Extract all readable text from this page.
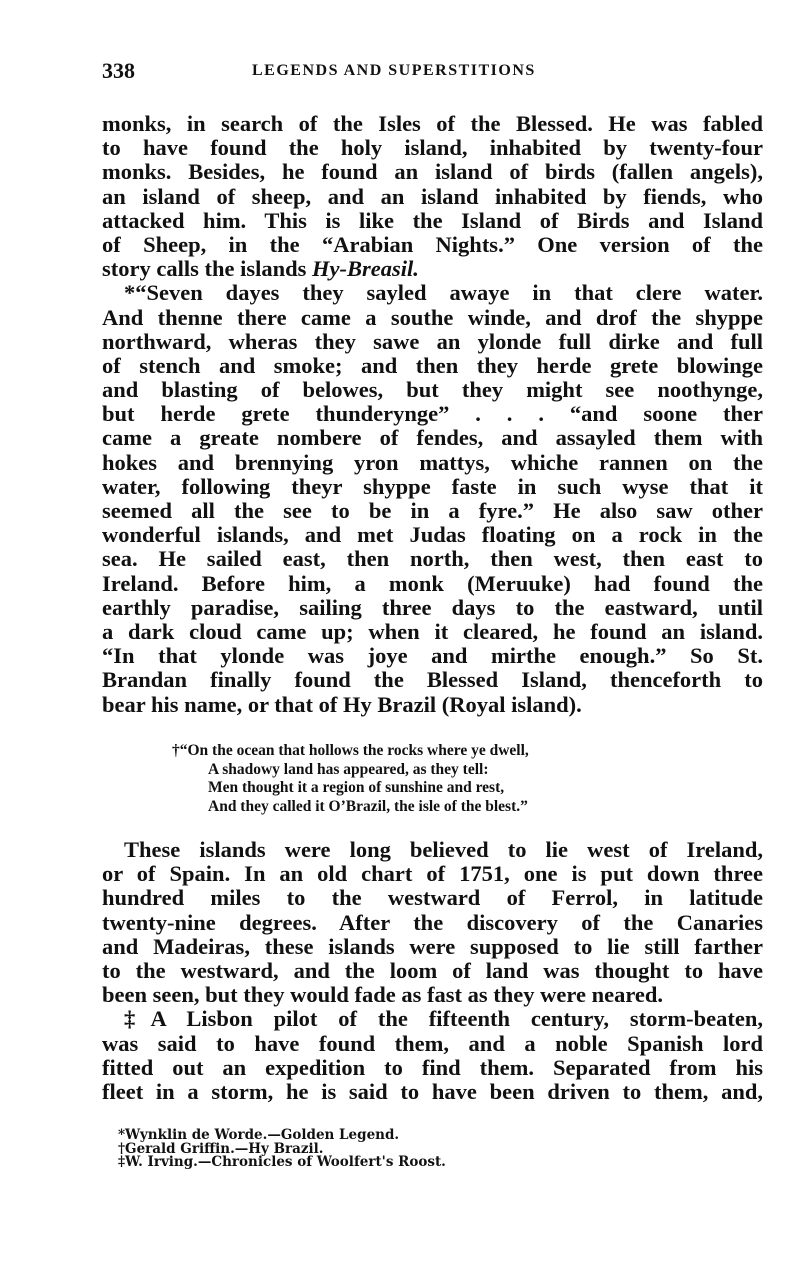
338	LEGENDS AND SUPERSTITIONS
monks, in search of the Isles of the Blessed. He was fabled
to have found the holy island, inhabited by twenty-four
monks. Besides, he found an island of birds (fallen angels),
an island of sheep, and an island inhabited by fiends, who
attacked him. This is like the Island of Birds and Island
of Sheep, in the “Arabian Nights.” One version of the
story calls the islands Hy-Breasil.
*“Seven dayes they sayled awaye in that clere water.
And thenne there came a southe winde, and drof the shyppe
northward, wheras they sawe an ylonde full dirke and full
of stench and smoke; and then they herde grete blowinge
and blasting of belowes, but they might see noothynge,
but herde grete thunderynge” . . . “and soone ther
came a greate nombere of fendes, and assayled them with
hokes and brennying yron mattys, whiche rannen on the
water, following theyr shyppe faste in such wyse that it
seemed all the see to be in a fyre.” He also saw other
wonderful islands, and met Judas floating on a rock in the
sea. He sailed east, then north, then west, then east to
Ireland. Before him, a monk (Meruuke) had found the
earthly paradise, sailing three days to the eastward, until
a dark cloud came up; when it cleared, he found an island.
“In that ylonde was joye and mirthe enough.” So St.
Brandan finally found the Blessed Island, thenceforth to
bear his name, or that of Hy Brazil (Royal island).
†“On the ocean that hollows the rocks where ye dwell,
A shadowy land has appeared, as they tell:
Men thought it a region of sunshine and rest,
And they called it O’Brazil, the isle of the blest.”
These islands were long believed to lie west of Ireland,
or of Spain. In an old chart of 1751, one is put down three
hundred miles to the westward of Ferrol, in latitude
twenty-nine degrees. After the discovery of the Canaries
and Madeiras, these islands were supposed to lie still farther
to the westward, and the loom of land was thought to have
been seen, but they would fade as fast as they were neared.
‡A Lisbon pilot of the fifteenth century, storm-beaten,
was said to have found them, and a noble Spanish lord
fitted out an expedition to find them. Separated from his
fleet in a storm, he is said to have been driven to them, and,
*Wynklin de Worde.—Golden Legend.
†Gerald Griffin.—Hy Brazil.
‡W. Irving.—Chronicles of Woolfert's Roost.
